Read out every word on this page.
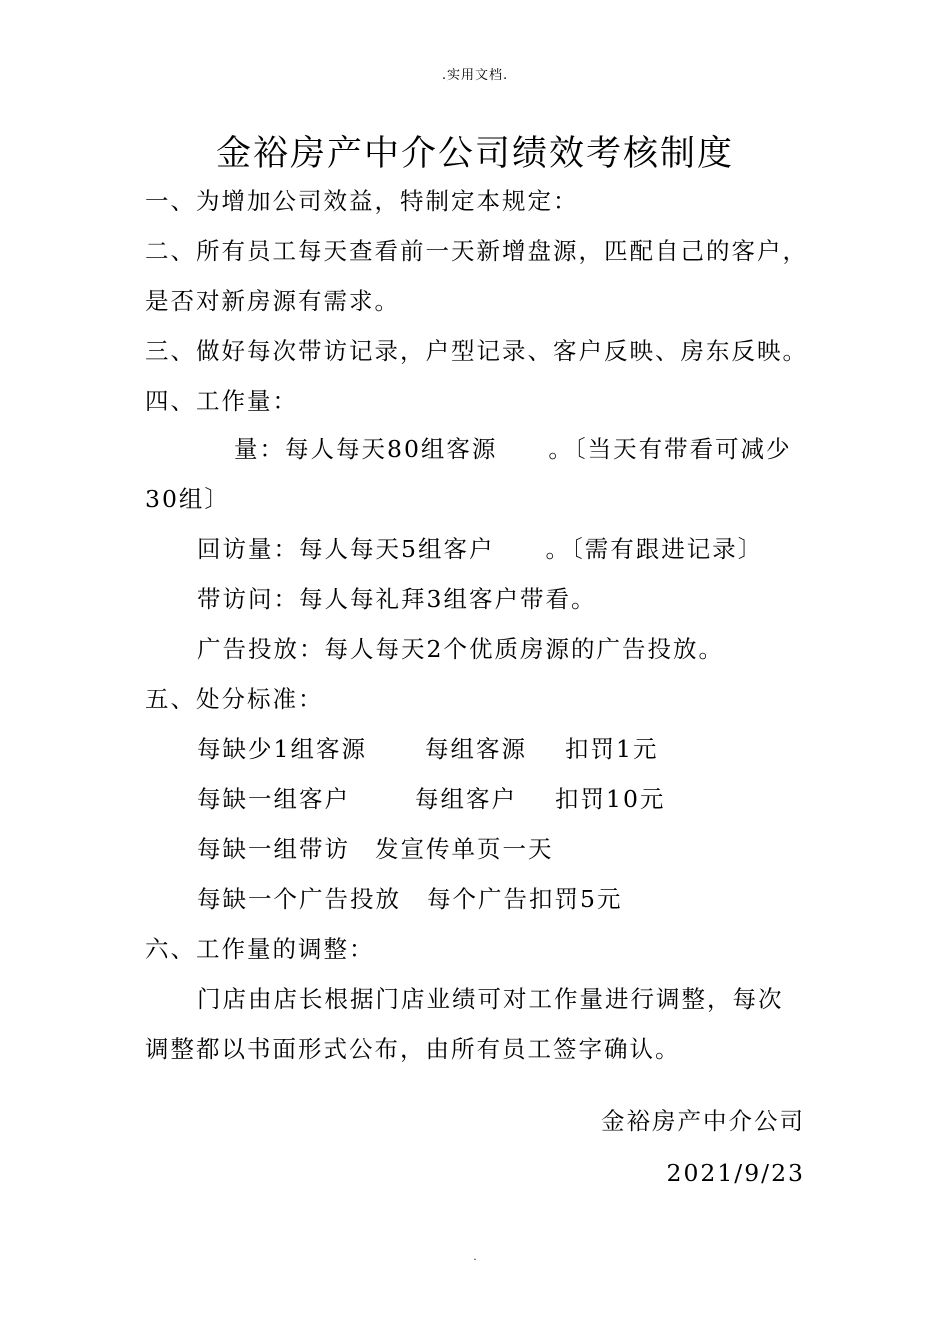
.实用文档.
金裕房产中介公司绩效考核制度
一、为增加公司效益，特制定本规定：
二、所有员工每天查看前一天新增盘源，匹配自己的客户，
是否对新房源有需求。
三、做好每次带访记录，户型记录、客户反映、房东反映。
四、工作量：
量：每人每天80组客源　　。〔当天有带看可减少
30组〕
回访量：每人每天5组客户　　。〔需有跟进记录〕
带访问：每人每礼拜3组客户带看。
广告投放：每人每天2个优质房源的广告投放。
五、处分标准：
每缺少1组客源 每组客源 扣罚1元
每缺一组客户	每组客户 扣罚10元
每缺一组带访 发宣传单页一天
每缺一个广告投放 每个广告扣罚5元
六、工作量的调整：
门店由店长根据门店业绩可对工作量进行调整，每次
调整都以书面形式公布，由所有员工签字确认。
金裕房产中介公司
2021/9/23
.
